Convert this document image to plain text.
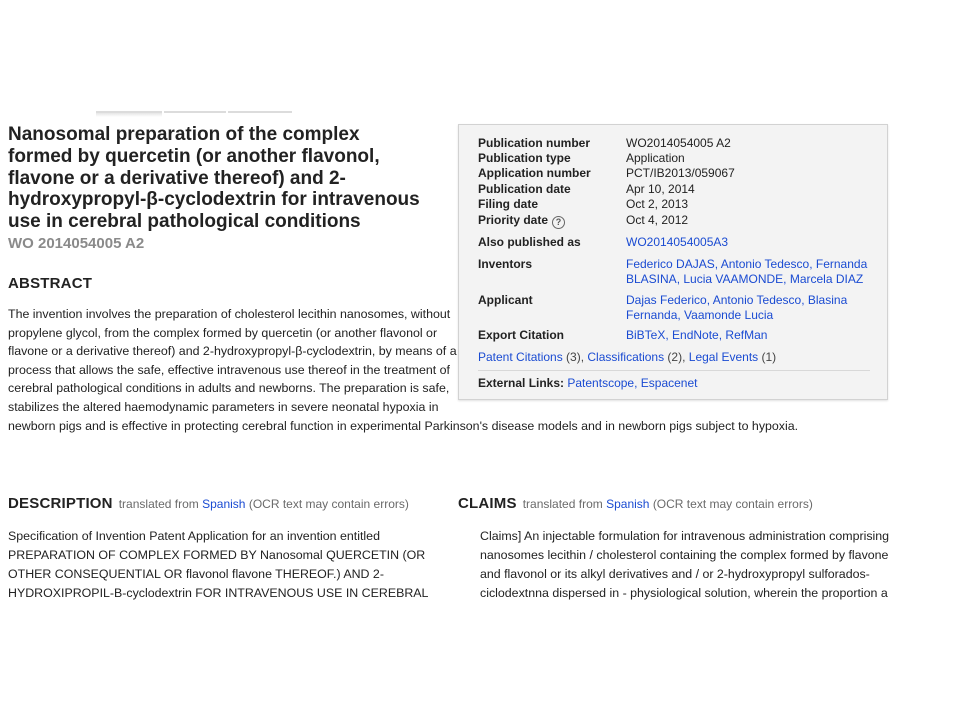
Nanosomal preparation of the complex
formed by quercetin (or another flavonol,
flavone or a derivative thereof) and 2-
hydroxypropyl-β-cyclodextrin for intravenous
use in cerebral pathological conditions
WO 2014054005 A2
ABSTRACT
The invention involves the preparation of cholesterol lecithin nanosomes, without
propylene glycol, from the complex formed by quercetin (or another flavonol or
flavone or a derivative thereof) and 2-hydroxypropyl-β-cyclodextrin, by means of a
process that allows the safe, effective intravenous use thereof in the treatment of
cerebral pathological conditions in adults and newborns. The preparation is safe,
stabilizes the altered haemodynamic parameters in severe neonatal hypoxia in
newborn pigs and is effective in protecting cerebral function in experimental Parkinson's disease models and in newborn pigs subject to hypoxia.
Publication number	WO2014054005 A2
Publication type	Application
Application number	PCT/IB2013/059067
Publication date	Apr 10, 2014
Filing date	Oct 2, 2013
Priority date ?	Oct 4, 2012
Also published as	WO2014054005A3
Inventors	Federico DAJAS, Antonio Tedesco, Fernanda BLASINA, Lucia VAAMONDE, Marcela DIAZ
Applicant	Dajas Federico, Antonio Tedesco, Blasina Fernanda, Vaamonde Lucia
Export Citation	BiBTeX, EndNote, RefMan
Patent Citations (3), Classifications (2), Legal Events (1)
External Links: Patentscope, Espacenet
DESCRIPTION translated from Spanish (OCR text may contain errors)
Specification of Invention Patent Application for an invention entitled
PREPARATION OF COMPLEX FORMED BY Nanosomal QUERCETIN (OR
OTHER CONSEQUENTIAL OR flavonol flavone THEREOF.) AND 2-
HYDROXIPROPIL-B-cyclodextrin FOR INTRAVENOUS USE IN CEREBRAL
CLAIMS translated from Spanish (OCR text may contain errors)
Claims] An injectable formulation for intravenous administration comprising
nanosomes lecithin / cholesterol containing the complex formed by flavone
and flavonol or its alkyl derivatives and / or 2-hydroxypropyl sulforados-
ciclodextnna dispersed in - physiological solution, wherein the proportion a
